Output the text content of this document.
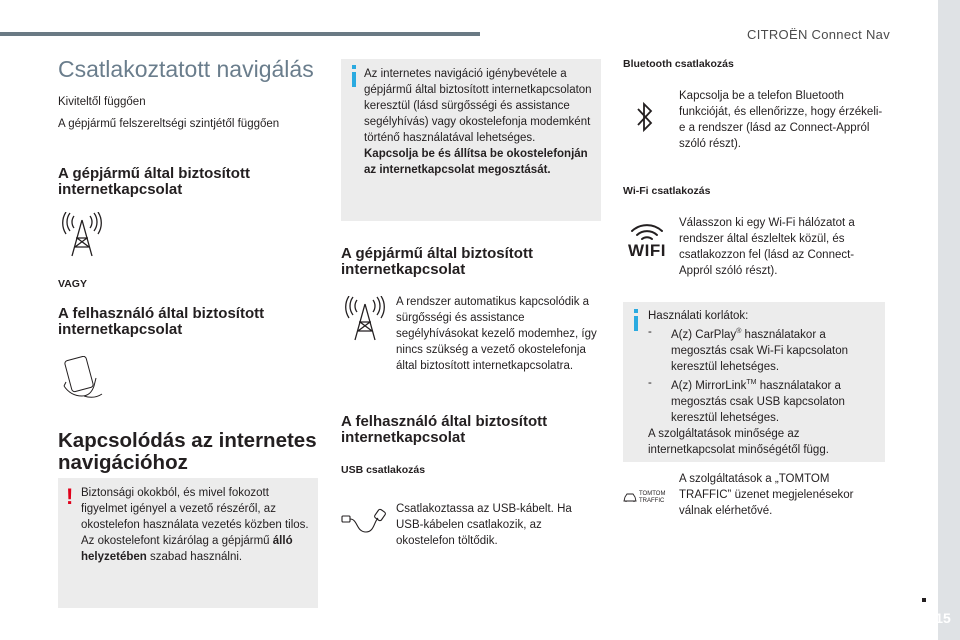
CITROËN Connect Nav
15
Csatlakoztatott navigálás
Kiviteltől függően
A gépjármű felszereltségi szintjétől függően
A gépjármű által biztosított internetkapcsolat
VAGY
A felhasználó által biztosított internetkapcsolat
Kapcsolódás az internetes navigációhoz
! Biztonsági okokból, és mivel fokozott figyelmet igényel a vezető részéről, az okostelefon használata vezetés közben tilos.
Az okostelefont kizárólag a gépjármű álló helyzetében szabad használni.
Az internetes navigáció igénybevétele a gépjármű által biztosított internetkapcsolaton keresztül (lásd sürgősségi és assistance segélyhívás) vagy okostelefonja modemként történő használatával lehetséges.
Kapcsolja be és állítsa be okostelefonján az internetkapcsolat megosztását.
A gépjármű által biztosított internetkapcsolat
A rendszer automatikus kapcsolódik a sürgősségi és assistance segélyhívásokat kezelő modemhez, így nincs szükség a vezető okostelefonja által biztosított internetkapcsolatra.
A felhasználó által biztosított internetkapcsolat
USB csatlakozás
Csatlakoztassa az USB-kábelt. Ha USB-kábelen csatlakozik, az okostelefon töltődik.
Bluetooth csatlakozás
Kapcsolja be a telefon Bluetooth funkcióját, és ellenőrizze, hogy érzékeli-e a rendszer (lásd az Connect-Appról szóló részt).
Wi-Fi csatlakozás
WIFI
Válasszon ki egy Wi-Fi hálózatot a rendszer által észleltek közül, és csatlakozzon fel (lásd az Connect-Appról szóló részt).
Használati korlátok:
- A(z) CarPlay® használatakor a megosztás csak Wi-Fi kapcsolaton keresztül lehetséges.
- A(z) MirrorLink™ használatakor a megosztás csak USB kapcsolaton keresztül lehetséges.
A szolgáltatások minősége az internetkapcsolat minőségétől függ.
TOMTOM
TRAFFIC
A szolgáltatások a „TOMTOM TRAFFIC” üzenet megjelenésekor válnak elérhetővé.
